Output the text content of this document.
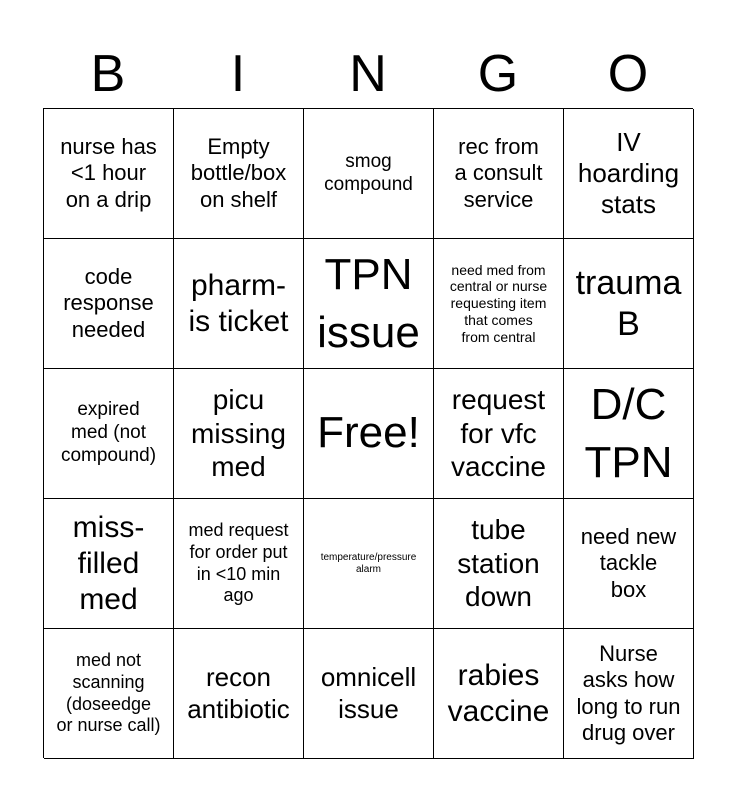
B	I	N	G	O
nurse has
<1 hour
on a drip
Empty
bottle/box
on shelf
smog
compound
rec from
a consult
service
IV
hoarding
stats
code
response
needed
pharm-
is ticket
TPN
issue
need med from
central or nurse
requesting item
that comes
from central
trauma
B
expired
med (not
compound)
picu
missing
med
Free!
request
for vfc
vaccine
D/C
TPN
miss-
filled
med
med request
for order put
in <10 min
ago
temperature/pressure
alarm
tube
station
down
need new
tackle
box
med not
scanning
(doseedge
or nurse call)
recon
antibiotic
omnicell
issue
rabies
vaccine
Nurse
asks how
long to run
drug over
